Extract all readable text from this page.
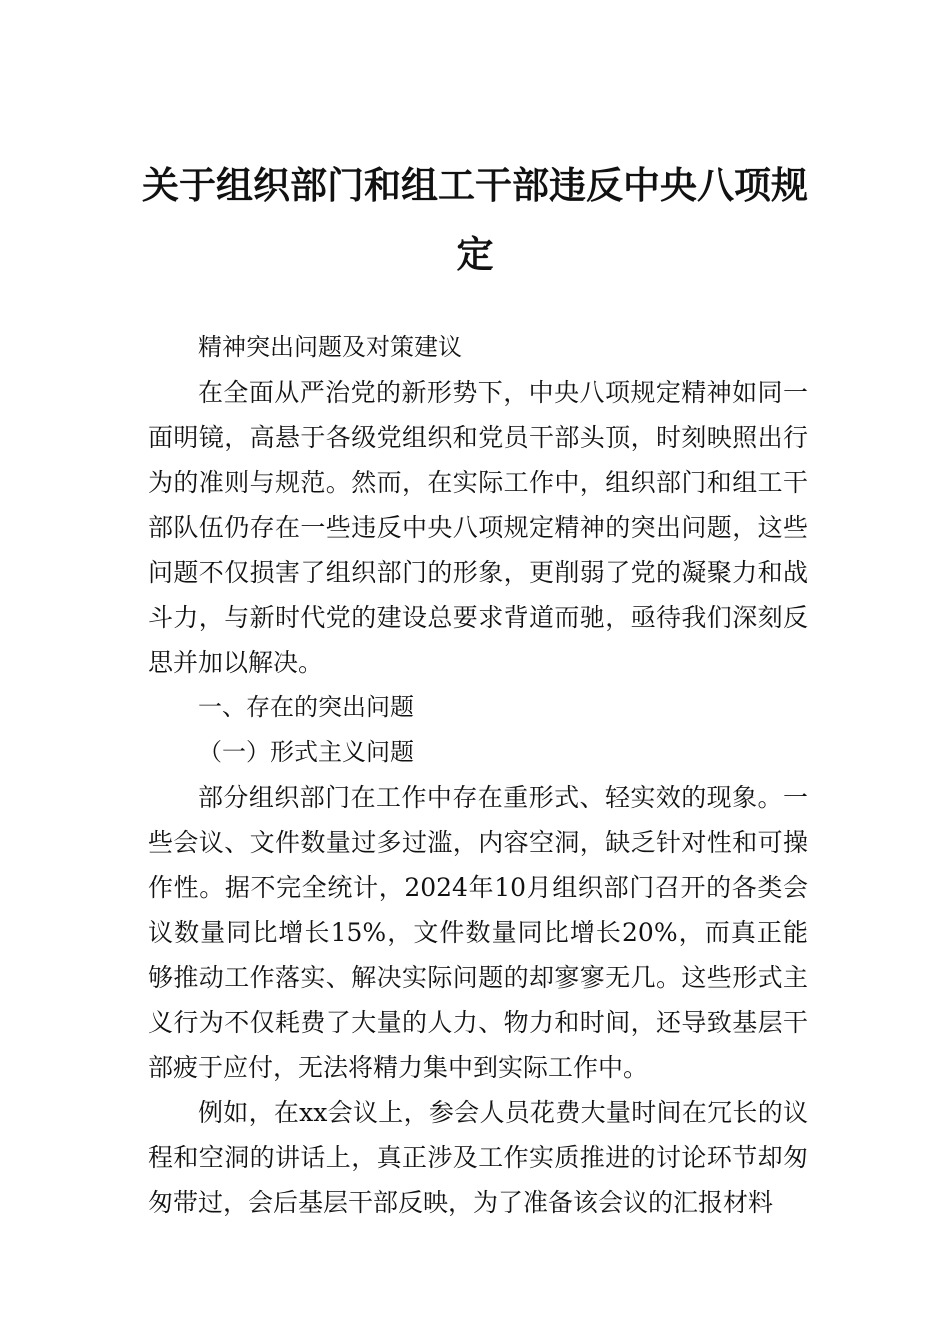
关于组织部门和组工干部违反中央八项规
定

精神突出问题及对策建议

在全面从严治党的新形势下，中央八项规定精神如同一面明镜，高悬于各级党组织和党员干部头顶，时刻映照出行为的准则与规范。然而，在实际工作中，组织部门和组工干部队伍仍存在一些违反中央八项规定精神的突出问题，这些问题不仅损害了组织部门的形象，更削弱了党的凝聚力和战斗力，与新时代党的建设总要求背道而驰，亟待我们深刻反思并加以解决。

一、存在的突出问题

（一）形式主义问题

部分组织部门在工作中存在重形式、轻实效的现象。一些会议、文件数量过多过滥，内容空洞，缺乏针对性和可操作性。据不完全统计，2024年10月组织部门召开的各类会议数量同比增长15%，文件数量同比增长20%，而真正能够推动工作落实、解决实际问题的却寥寥无几。这些形式主义行为不仅耗费了大量的人力、物力和时间，还导致基层干部疲于应付，无法将精力集中到实际工作中。

例如，在xx会议上，参会人员花费大量时间在冗长的议程和空洞的讲话上，真正涉及工作实质推进的讨论环节却匆匆带过，会后基层干部反映，为了准备该会议的汇报材料
